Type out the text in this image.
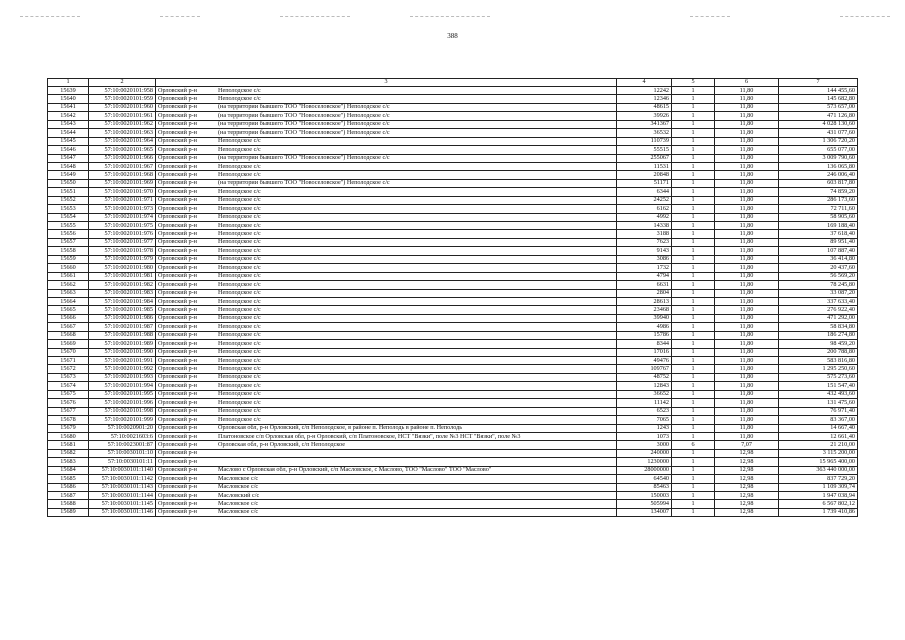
388
1	2	3	4	5	6	7
15639	57:10:0020101:958	Орловский р-н Неполодское с/с	12242	1	11,80	144 455,60
15640	57:10:0020101:959	Орловский р-н Неполодское с/с	12346	1	11,80	145 682,80
15641	57:10:0020101:960	Орловский р-н (на территории бывшего ТОО "Новоселовское") Неполодское с/с	48615	1	11,80	573 657,00
15642	57:10:0020101:961	Орловский р-н (на территории бывшего ТОО "Новоселовское") Неполодское с/с	39926	1	11,80	471 126,80
15643	57:10:0020101:962	Орловский р-н (на территории бывшего ТОО "Новоселовское") Неполодское с/с	341367	1	11,80	4 028 130,60
15644	57:10:0020101:963	Орловский р-н (на территории бывшего ТОО "Новоселовское") Неполодское с/с	36532	1	11,80	431 077,60
15645	57:10:0020101:964	Орловский р-н Неполодское с/с	110739	1	11,80	1 306 720,20
15646	57:10:0020101:965	Орловский р-н Неполодское с/с	55515	1	11,80	655 077,00
15647	57:10:0020101:966	Орловский р-н (на территории бывшего ТОО "Новоселовское") Неполодское с/с	255067	1	11,80	3 009 790,60
15648	57:10:0020101:967	Орловский р-н Неполодское с/с	11531	1	11,80	136 065,80
15649	57:10:0020101:968	Орловский р-н Неполодское с/с	20848	1	11,80	246 006,40
15650	57:10:0020101:969	Орловский р-н (на территории бывшего ТОО "Новоселовское") Неполодское с/с	51171	1	11,80	603 817,80
15651	57:10:0020101:970	Орловский р-н Неполодское с/с	6344	1	11,80	74 859,20
15652	57:10:0020101:971	Орловский р-н Неполодское с/с	24252	1	11,80	286 173,60
15653	57:10:0020101:973	Орловский р-н Неполодское с/с	6162	1	11,80	72 711,60
15654	57:10:0020101:974	Орловский р-н Неполодское с/с	4992	1	11,80	58 905,60
15655	57:10:0020101:975	Орловский р-н Неполодское с/с	14338	1	11,80	169 188,40
15656	57:10:0020101:976	Орловский р-н Неполодское с/с	3188	1	11,80	37 618,40
15657	57:10:0020101:977	Орловский р-н Неполодское с/с	7623	1	11,80	89 951,40
15658	57:10:0020101:978	Орловский р-н Неполодское с/с	9143	1	11,80	107 887,40
15659	57:10:0020101:979	Орловский р-н Неполодское с/с	3086	1	11,80	36 414,80
15660	57:10:0020101:980	Орловский р-н Неполодское с/с	1732	1	11,80	20 437,60
15661	57:10:0020101:981	Орловский р-н Неполодское с/с	4794	1	11,80	56 569,20
15662	57:10:0020101:982	Орловский р-н Неполодское с/с	6631	1	11,80	78 245,80
15663	57:10:0020101:983	Орловский р-н Неполодское с/с	2804	1	11,80	33 087,20
15664	57:10:0020101:984	Орловский р-н Неполодское с/с	28613	1	11,80	337 633,40
15665	57:10:0020101:985	Орловский р-н Неполодское с/с	23468	1	11,80	276 922,40
15666	57:10:0020101:986	Орловский р-н Неполодское с/с	39940	1	11,80	471 292,00
15667	57:10:0020101:987	Орловский р-н Неполодское с/с	4986	1	11,80	58 834,80
15668	57:10:0020101:988	Орловский р-н Неполодское с/с	15786	1	11,80	186 274,80
15669	57:10:0020101:989	Орловский р-н Неполодское с/с	8344	1	11,80	98 459,20
15670	57:10:0020101:990	Орловский р-н Неполодское с/с	17016	1	11,80	200 788,80
15671	57:10:0020101:991	Орловский р-н Неполодское с/с	49476	1	11,80	583 816,80
15672	57:10:0020101:992	Орловский р-н Неполодское с/с	109767	1	11,80	1 295 250,60
15673	57:10:0020101:993	Орловский р-н Неполодское с/с	48752	1	11,80	575 273,60
15674	57:10:0020101:994	Орловский р-н Неполодское с/с	12843	1	11,80	151 547,40
15675	57:10:0020101:995	Орловский р-н Неполодское с/с	36652	1	11,80	432 493,60
15676	57:10:0020101:996	Орловский р-н Неполодское с/с	11142	1	11,80	131 475,60
15677	57:10:0020101:998	Орловский р-н Неполодское с/с	6523	1	11,80	76 971,40
15678	57:10:0020101:999	Орловский р-н Неполодское с/с	7065	1	11,80	83 367,00
15679	57:10:0020901:20	Орловский р-н Орловская обл, р-н Орловский, с/п Неполодское, в районе п. Неполодь в районе п. Неполодь	1243	1	11,80	14 667,40
15680	57:10:0021603:6	Орловский р-н Платоновское с/п Орловская обл, р-н Орловский, с/п Платоновское, НСТ "Вязки", поле №3 НСТ "Вязки", поле №3	1073	1	11,80	12 661,40
15681	57:10:0023001:87	Орловский р-н Орловская обл, р-н Орловский, с/п Неполодское	3000	6	7,07	21 210,00
15682	57:10:0030101:10	Орловский р-н	240000	1	12,98	3 115 200,00
15683	57:10:0030101:11	Орловский р-н	1230000	1	12,98	15 965 400,00
15684	57:10:0030101:1140	Орловский р-н Масловo с Орловская обл, р-н Орловский, с/п Масловское, с Маслово, ТОО "Маслово" ТОО "Маслово"	28000000	1	12,98	363 440 000,00
15685	57:10:0030101:1142	Орловский р-н Масловское с/с	64540	1	12,98	837 729,20
15686	57:10:0030101:1143	Орловский р-н Масловское с/с	85463	1	12,98	1 109 309,74
15687	57:10:0030101:1144	Орловский р-н Масловский с/с	150003	1	12,98	1 947 038,94
15688	57:10:0030101:1145	Орловский р-н Масловское с/с	505994	1	12,98	6 567 802,12
15689	57:10:0030101:1146	Орловский р-н Масловское с/с	134007	1	12,98	1 739 410,86
